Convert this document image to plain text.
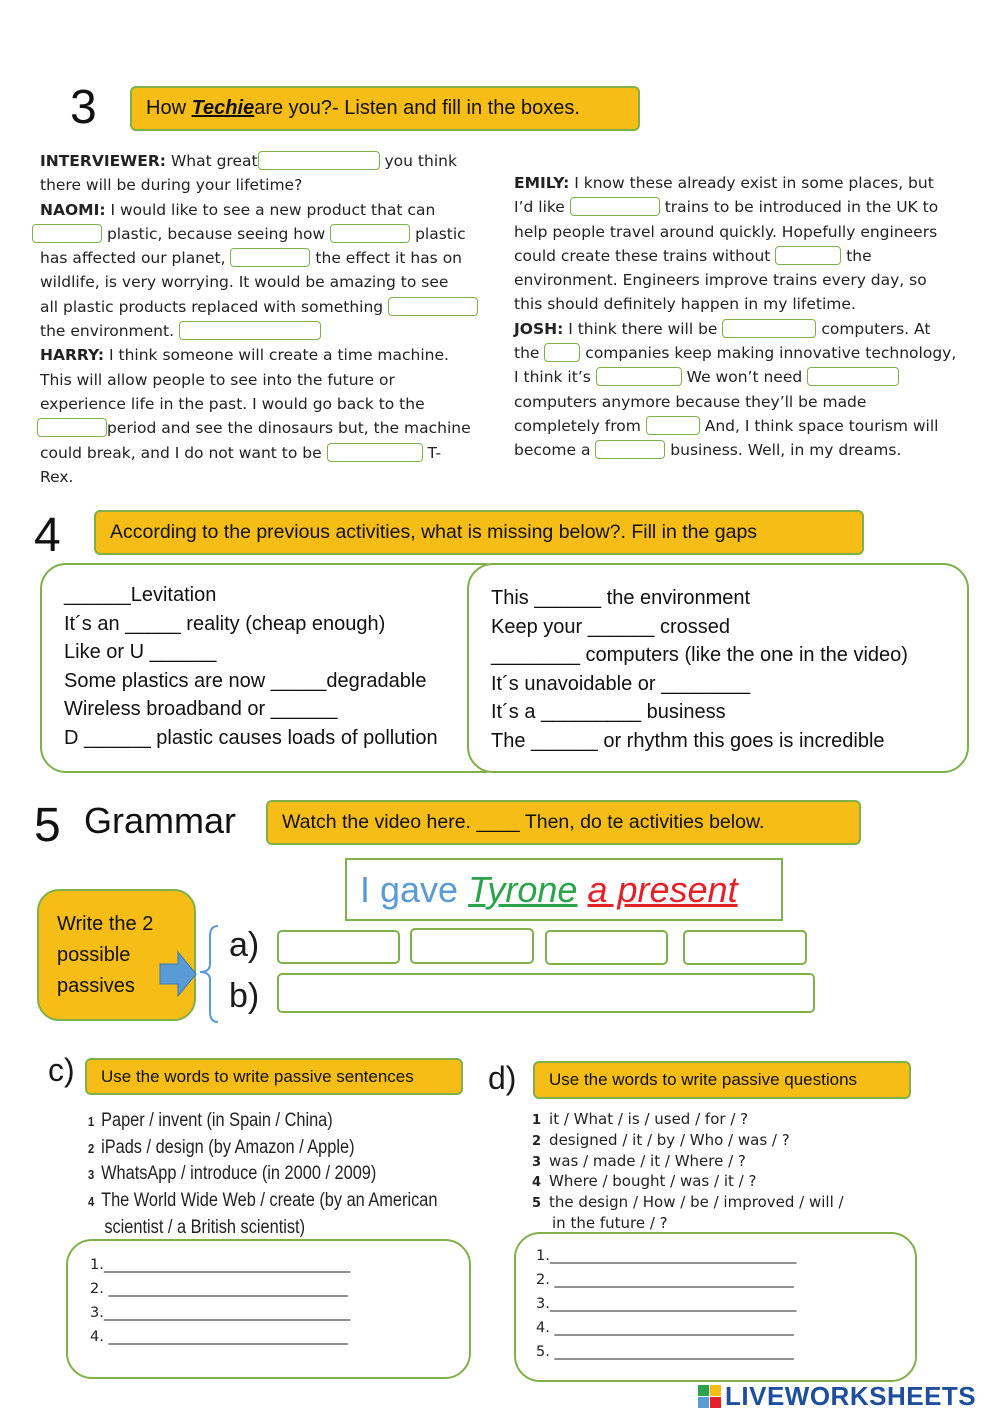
3 How
Techie are you?- Listen and fill in the boxes.
INTERVIEWER: What great	you think
there will be during your lifetime?
NAOMI: I would like to see a new product that can
plastic, because seeing how	plastic
has affected our planet,	the effect it has on
wildlife, is very worrying. It would be amazing to see
all plastic products replaced with something
the environment.
HARRY: I think someone will create a time machine.
This will allow people to see into the future or
experience life in the past. I would go back to the
period and see the dinosaurs but, the machine
could break, and I do not want to be	T-
Rex.
EMILY: I know these already exist in some places, but
I’d like	trains to be introduced in the UK to
help people travel around quickly. Hopefully engineers
could create these trains without	the
environment. Engineers improve trains every day, so
this should definitely happen in my lifetime.
JOSH: I think there will be	computers. At
the  companies keep making innovative technology,
I think it’s	We won’t need
computers anymore because they’ll be made
completely from	And, I think space tourism will
become a	business. Well, in my dreams.
4	According to the previous activities, what is missing below?. Fill in the gaps
______Levitation
It´s an _____ reality (cheap enough)
Like or U ______
Some plastics are now _____degradable
Wireless broadband or ______
D ______ plastic causes loads of pollution
This ______ the environment
Keep your ______ crossed
________ computers (like the one in the video)
It´s unavoidable or ________
It´s a _________ business
The ______ or rhythm this goes is incredible
5 Grammar	Watch the video here. ____ Then, do te activities below.
I gave Tyrone
a present
Write the 2 possible passives
a)
b)
c)	Use the words to write passive sentences
1 Paper / invent (in Spain / China)
2 iPads / design (by Amazon / Apple)
3 WhatsApp / introduce (in 2000 / 2009)
4 The World Wide Web / create (by an American
scientist / a British scientist)
1.__________________________________
2. _________________________________
3.__________________________________
4. _________________________________
d)	Use the words to write passive questions
1 it / What / is / used / for / ?
2 designed / it / by / Who / was / ?
3 was / made / it / Where / ?
4 Where / bought / was / it / ?
5 the design / How / be / improved / will /
in the future / ?
1.__________________________________
2. _________________________________
3.__________________________________
4. _________________________________
5. _________________________________
LIVEWORKSHEETS
